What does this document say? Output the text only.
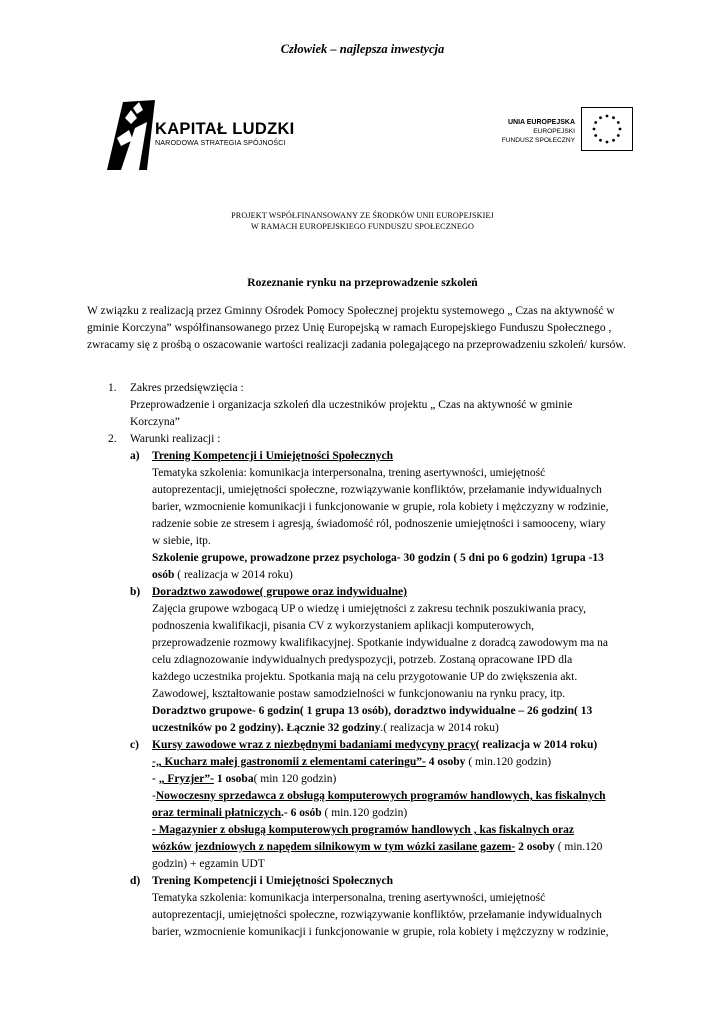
Człowiek – najlepsza inwestycja
KAPITAŁ LUDZKI
NARODOWA STRATEGIA SPÓJNOŚCI
UNIA EUROPEJSKA
EUROPEJSKI
FUNDUSZ SPOŁECZNY
PROJEKT WSPÓŁFINANSOWANY ZE ŚRODKÓW UNII EUROPEJSKIEJ
W RAMACH EUROPEJSKIEGO FUNDUSZU SPOŁECZNEGO
Rozeznanie rynku na przeprowadzenie szkoleń
W związku z realizacją przez Gminny Ośrodek Pomocy Społecznej projektu systemowego „ Czas na aktywność w gminie Korczyna” współfinansowanego przez Unię Europejską w ramach Europejskiego Funduszu Społecznego , zwracamy się z prośbą o oszacowanie wartości realizacji zadania polegającego na przeprowadzeniu szkoleń/ kursów.
1. Zakres przedsięwzięcia :
Przeprowadzenie i organizacja szkoleń dla uczestników projektu „ Czas na aktywność w gminie
Korczyna”
2. Warunki realizacji :
a) Trening Kompetencji i Umiejętności Społecznych
Tematyka szkolenia: komunikacja interpersonalna, trening asertywności, umiejętność
autoprezentacji, umiejętności społeczne, rozwiązywanie konfliktów, przełamanie indywidualnych
barier, wzmocnienie komunikacji i funkcjonowanie w grupie, rola kobiety i mężczyzny w rodzinie,
radzenie sobie ze stresem i agresją, świadomość ról, podnoszenie umiejętności i samooceny, wiary
w siebie, itp.
Szkolenie grupowe, prowadzone przez psychologa- 30 godzin ( 5 dni po 6 godzin) 1grupa -13
osób ( realizacja w 2014 roku)
b) Doradztwo zawodowe( grupowe oraz indywidualne)
Zajęcia grupowe wzbogacą UP o wiedzę i umiejętności z zakresu technik poszukiwania pracy,
podnoszenia kwalifikacji, pisania CV z wykorzystaniem aplikacji komputerowych,
przeprowadzenie rozmowy kwalifikacyjnej. Spotkanie indywidualne z doradcą zawodowym ma na
celu zdiagnozowanie indywidualnych predyspozycji, potrzeb. Zostaną opracowane IPD dla
każdego uczestnika projektu. Spotkania mają na celu przygotowanie UP do zwiększenia akt.
Zawodowej, kształtowanie postaw samodzielności w funkcjonowaniu na rynku pracy, itp.
Doradztwo grupowe- 6 godzin( 1 grupa 13 osób), doradztwo indywidualne – 26 godzin( 13
uczestników po 2 godziny). Łącznie 32 godziny.( realizacja w 2014 roku)
c) Kursy zawodowe wraz z niezbędnymi badaniami medycyny pracy( realizacja w 2014 roku)
-„ Kucharz małej gastronomii z elementami cateringu”- 4 osoby ( min.120 godzin)
- „ Fryzjer”- 1 osoba( min 120 godzin)
-Nowoczesny sprzedawca z obsługą komputerowych programów handlowych, kas fiskalnych
oraz terminali płatniczych.- 6 osób ( min.120 godzin)
- Magazynier z obsługą komputerowych programów handlowych , kas fiskalnych oraz
wózków jezdniowych z napędem silnikowym w tym wózki zasilane gazem- 2 osoby ( min.120
godzin) + egzamin UDT
d) Trening Kompetencji i Umiejętności Społecznych
Tematyka szkolenia: komunikacja interpersonalna, trening asertywności, umiejętność
autoprezentacji, umiejętności społeczne, rozwiązywanie konfliktów, przełamanie indywidualnych
barier, wzmocnienie komunikacji i funkcjonowanie w grupie, rola kobiety i mężczyzny w rodzinie,
